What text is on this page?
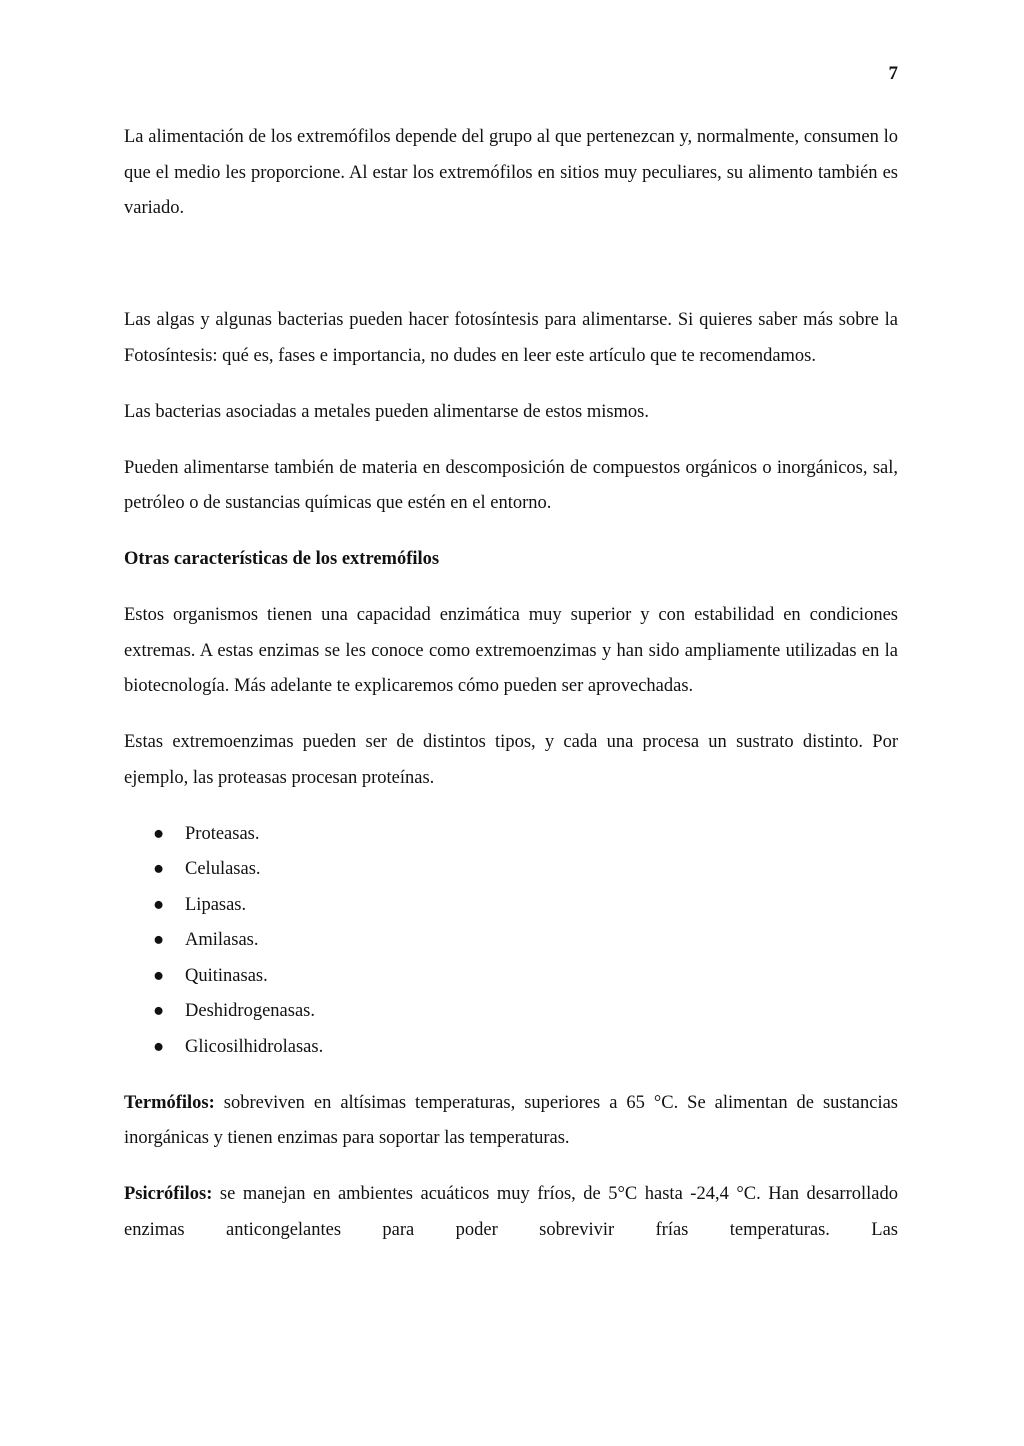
7

La alimentación de los extremófilos depende del grupo al que pertenezcan y, normalmente, consumen lo que el medio les proporcione. Al estar los extremófilos en sitios muy peculiares, su alimento también es variado.

Las algas y algunas bacterias pueden hacer fotosíntesis para alimentarse. Si quieres saber más sobre la Fotosíntesis: qué es, fases e importancia, no dudes en leer este artículo que te recomendamos.

Las bacterias asociadas a metales pueden alimentarse de estos mismos.

Pueden alimentarse también de materia en descomposición de compuestos orgánicos o inorgánicos, sal, petróleo o de sustancias químicas que estén en el entorno.

Otras características de los extremófilos

Estos organismos tienen una capacidad enzimática muy superior y con estabilidad en condiciones extremas. A estas enzimas se les conoce como extremoenzimas y han sido ampliamente utilizadas en la biotecnología. Más adelante te explicaremos cómo pueden ser aprovechadas.

Estas extremoenzimas pueden ser de distintos tipos, y cada una procesa un sustrato distinto. Por ejemplo, las proteasas procesan proteínas.

● Proteasas.
● Celulasas.
● Lipasas.
● Amilasas.
● Quitinasas.
● Deshidrogenasas.
● Glicosilhidrolasas.

Termófilos: sobreviven en altísimas temperaturas, superiores a 65 °C. Se alimentan de sustancias inorgánicas y tienen enzimas para soportar las temperaturas.

Psicrófilos: se manejan en ambientes acuáticos muy fríos, de 5°C hasta -24,4 °C. Han desarrollado enzimas anticongelantes para poder sobrevivir frías temperaturas. Las
